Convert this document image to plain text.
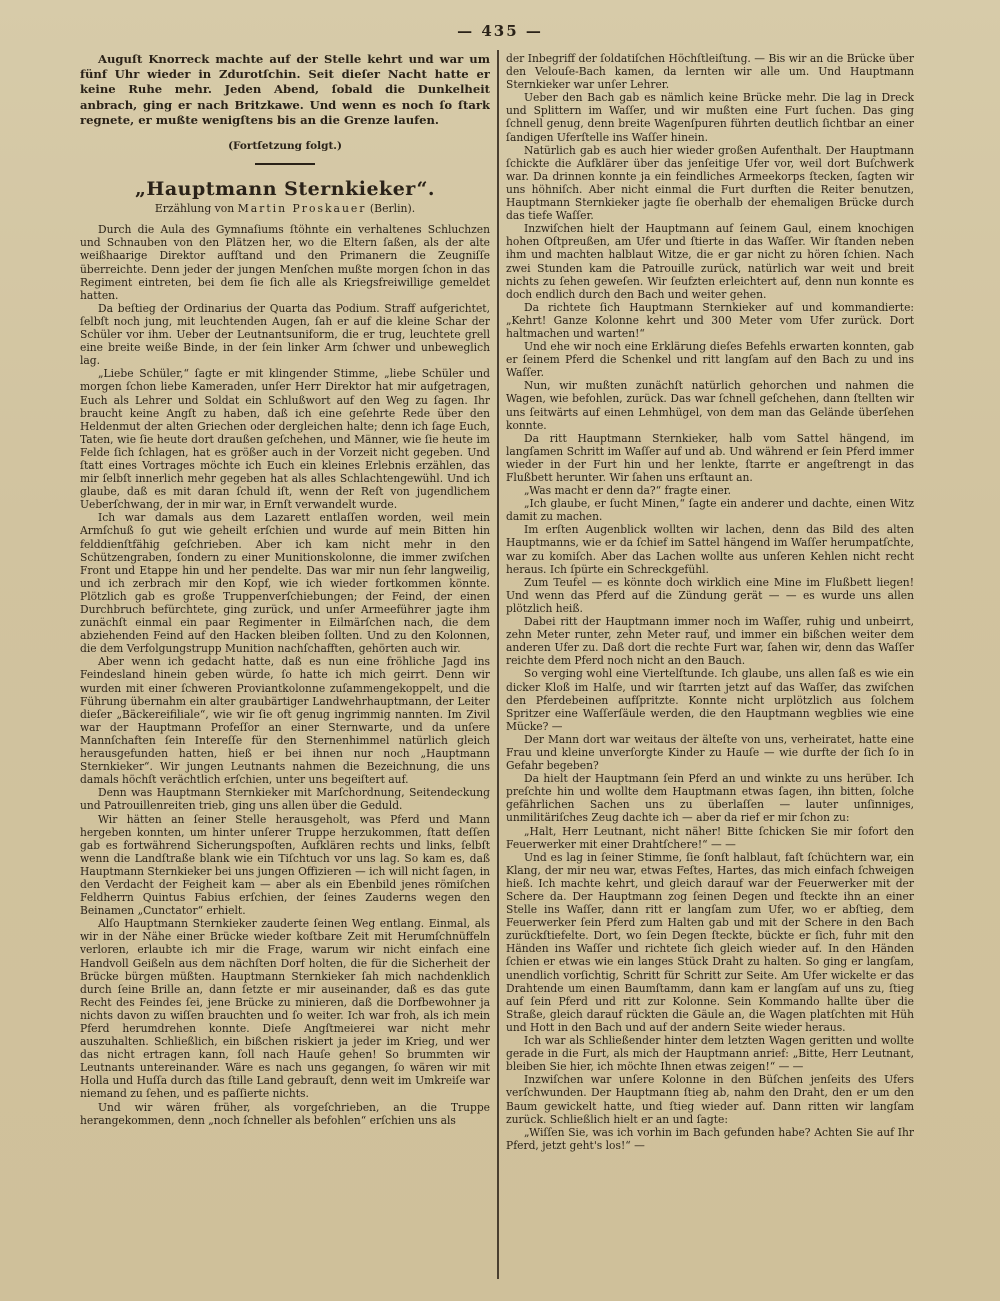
— 435 —

Auguſt Knorreck machte auf der Stelle kehrt und war um fünf Uhr wieder in Zdurotſchin. Seit dieſer Nacht hatte er keine Ruhe mehr. Jeden Abend, ſobald die Dunkelheit anbrach, ging er nach Britzkawe. Und wenn es noch ſo ſtark regnete, er mußte wenigſtens bis an die Grenze laufen.

(Fortſetzung folgt.)
„Hauptmann Sternkieker“.
Erzählung von Martin Proskauer (Berlin).

Durch die Aula des Gymnaſiums ſtöhnte ein verhaltenes Schluchzen und Schnauben von den Plätzen her, wo die Eltern ſaßen, als der alte weißhaarige Direktor aufſtand und den Primanern die Zeugniſſe überreichte. Denn jeder der jungen Menſchen mußte morgen ſchon in das Regiment eintreten, bei dem ſie ſich alle als Kriegsfreiwillige gemeldet hatten.

Da beſtieg der Ordinarius der Quarta das Podium. Straff aufgerichtet, ſelbſt noch jung, mit leuchtenden Augen, ſah er auf die kleine Schar der Schüler vor ihm. Ueber der Leutnantsuniform, die er trug, leuchtete grell eine breite weiße Binde, in der ſein linker Arm ſchwer und unbeweglich lag.

„Liebe Schüler,“ ſagte er mit klingender Stimme, „liebe Schüler und morgen ſchon liebe Kameraden, unſer Herr Direktor hat mir aufgetragen, Euch als Lehrer und Soldat ein Schlußwort auf den Weg zu ſagen. Ihr braucht keine Angſt zu haben, daß ich eine geſehrte Rede über den Heldenmut der alten Griechen oder dergleichen halte; denn ich ſage Euch, Taten, wie ſie heute dort draußen geſchehen, und Männer, wie ſie heute im Felde ſich ſchlagen, hat es größer auch in der Vorzeit nicht gegeben. Und ſtatt eines Vortrages möchte ich Euch ein kleines Erlebnis erzählen, das mir ſelbſt innerlich mehr gegeben hat als alles Schlachtengewühl. Und ich glaube, daß es mit daran ſchuld iſt, wenn der Reſt von jugendlichem Ueberſchwang, der in mir war, in Ernſt verwandelt wurde.

Ich war damals aus dem Lazarett entlaſſen worden, weil mein Armſchuß ſo gut wie geheilt erſchien und wurde auf mein Bitten hin felddienſtfähig geſchrieben. Aber ich kam nicht mehr in den Schützengraben, ſondern zu einer Munitionskolonne, die immer zwiſchen Front und Etappe hin und her pendelte. Das war mir nun ſehr langweilig, und ich zerbrach mir den Kopf, wie ich wieder fortkommen könnte. Plötzlich gab es große Truppenverſchiebungen; der Feind, der einen Durchbruch befürchtete, ging zurück, und unſer Armeeführer jagte ihm zunächſt einmal ein paar Regimenter in Eilmärſchen nach, die dem abziehenden Feind auf den Hacken bleiben ſollten. Und zu den Kolonnen, die dem Verfolgungstrupp Munition nachſchafften, gehörten auch wir.

Aber wenn ich gedacht hatte, daß es nun eine fröhliche Jagd ins Feindesland hinein geben würde, ſo hatte ich mich geirrt. Denn wir wurden mit einer ſchweren Proviantkolonne zuſammengekoppelt, und die Führung übernahm ein alter graubärtiger Landwehrhauptmann, der Leiter dieſer „Bäckereifiliale“, wie wir ſie oft genug ingrimmig nannten. Im Zivil war der Hauptmann Profeſſor an einer Sternwarte, und da unſere Mannſchaften ſein Intereſſe für den Sternenhimmel natürlich gleich herausgefunden hatten, hieß er bei ihnen nur noch „Hauptmann Sternkieker“. Wir jungen Leutnants nahmen die Bezeichnung, die uns damals höchſt verächtlich erſchien, unter uns begeiſtert auf.

Denn was Hauptmann Sternkieker mit Marſchordnung, Seitendeckung und Patrouillenreiten trieb, ging uns allen über die Geduld.

Wir hätten an ſeiner Stelle herausgeholt, was Pferd und Mann hergeben konnten, um hinter unſerer Truppe herzukommen, ſtatt deſſen gab es fortwährend Sicherungspoſten, Aufklären rechts und links, ſelbſt wenn die Landſtraße blank wie ein Tiſchtuch vor uns lag. So kam es, daß Hauptmann Sternkieker bei uns jungen Offizieren — ich will nicht ſagen, in den Verdacht der Feigheit kam — aber als ein Ebenbild jenes römiſchen Feldherrn Quintus Fabius erſchien, der ſeines Zauderns wegen den Beinamen „Cunctator“ erhielt.

Alſo Hauptmann Sternkieker zauderte ſeinen Weg entlang. Einmal, als wir in der Nähe einer Brücke wieder koſtbare Zeit mit Herumſchnüffeln verloren, erlaubte ich mir die Frage, warum wir nicht einfach eine Handvoll Geißeln aus dem nächſten Dorf holten, die für die Sicherheit der Brücke bürgen müßten. Hauptmann Sternkieker ſah mich nachdenklich durch ſeine Brille an, dann ſetzte er mir auseinander, daß es das gute Recht des Feindes ſei, jene Brücke zu minieren, daß die Dorfbewohner ja nichts davon zu wiſſen brauchten und ſo weiter. Ich war froh, als ich mein Pferd herumdrehen konnte. Dieſe Angſtmeierei war nicht mehr auszuhalten. Schließlich, ein bißchen riskiert ja jeder im Krieg, und wer das nicht ertragen kann, ſoll nach Hauſe gehen! So brummten wir Leutnants untereinander. Wäre es nach uns gegangen, ſo wären wir mit Holla und Huſſa durch das ſtille Land gebrauſt, denn weit im Umkreiſe war niemand zu ſehen, und es paſſierte nichts.

Und wir wären früher, als vorgeſchrieben, an die Truppe herangekommen, denn „noch ſchneller als befohlen“ erſchien uns als

der Inbegriff der ſoldatiſchen Höchſtleiſtung. — Bis wir an die Brücke über den Velouſe-Bach kamen, da lernten wir alle um. Und Hauptmann Sternkieker war unſer Lehrer.

Ueber den Bach gab es nämlich keine Brücke mehr. Die lag in Dreck und Splittern im Waſſer, und wir mußten eine Furt ſuchen. Das ging ſchnell genug, denn breite Wagenſpuren führten deutlich ſichtbar an einer ſandigen Uferſtelle ins Waſſer hinein.

Natürlich gab es auch hier wieder großen Aufenthalt. Der Hauptmann ſchickte die Aufklärer über das jenſeitige Ufer vor, weil dort Buſchwerk war. Da drinnen konnte ja ein feindliches Armeekorps ſtecken, ſagten wir uns höhniſch. Aber nicht einmal die Furt durften die Reiter benutzen, Hauptmann Sternkieker jagte ſie oberhalb der ehemaligen Brücke durch das tiefe Waſſer.

Inzwiſchen hielt der Hauptmann auf ſeinem Gaul, einem knochigen hohen Oſtpreußen, am Ufer und ſtierte in das Waſſer. Wir ſtanden neben ihm und machten halblaut Witze, die er gar nicht zu hören ſchien. Nach zwei Stunden kam die Patrouille zurück, natürlich war weit und breit nichts zu ſehen geweſen. Wir ſeufzten erleichtert auf, denn nun konnte es doch endlich durch den Bach und weiter gehen.

Da richtete ſich Hauptmann Sternkieker auf und kommandierte: „Kehrt! Ganze Kolonne kehrt und 300 Meter vom Ufer zurück. Dort haltmachen und warten!“

Und ehe wir noch eine Erklärung dieſes Befehls erwarten konnten, gab er ſeinem Pferd die Schenkel und ritt langſam auf den Bach zu und ins Waſſer.

Nun, wir mußten zunächſt natürlich gehorchen und nahmen die Wagen, wie befohlen, zurück. Das war ſchnell geſchehen, dann ſtellten wir uns ſeitwärts auf einen Lehmhügel, von dem man das Gelände überſehen konnte.

Da ritt Hauptmann Sternkieker, halb vom Sattel hängend, im langſamen Schritt im Waſſer auf und ab. Und während er ſein Pferd immer wieder in der Furt hin und her lenkte, ſtarrte er angeſtrengt in das Flußbett herunter. Wir ſahen uns erſtaunt an.

„Was macht er denn da?“ fragte einer.

„Ich glaube, er ſucht Minen,“ ſagte ein anderer und dachte, einen Witz damit zu machen.

Im erſten Augenblick wollten wir lachen, denn das Bild des alten Hauptmanns, wie er da ſchief im Sattel hängend im Waſſer herumpatſchte, war zu komiſch. Aber das Lachen wollte aus unſeren Kehlen nicht recht heraus. Ich ſpürte ein Schreckgefühl.

Zum Teufel — es könnte doch wirklich eine Mine im Flußbett liegen! Und wenn das Pferd auf die Zündung gerät — — es wurde uns allen plötzlich heiß.

Dabei ritt der Hauptmann immer noch im Waſſer, ruhig und unbeirrt, zehn Meter runter, zehn Meter rauf, und immer ein bißchen weiter dem anderen Ufer zu. Daß dort die rechte Furt war, ſahen wir, denn das Waſſer reichte dem Pferd noch nicht an den Bauch.

So verging wohl eine Viertelſtunde. Ich glaube, uns allen ſaß es wie ein dicker Kloß im Halſe, und wir ſtarrten jetzt auf das Waſſer, das zwiſchen den Pferdebeinen aufſpritzte. Konnte nicht urplötzlich aus ſolchem Spritzer eine Waſſerſäule werden, die den Hauptmann wegblies wie eine Mücke? —

Der Mann dort war weitaus der älteſte von uns, verheiratet, hatte eine Frau und kleine unverſorgte Kinder zu Hauſe — wie durfte der ſich ſo in Gefahr begeben?

Da hielt der Hauptmann ſein Pferd an und winkte zu uns herüber. Ich preſchte hin und wollte dem Hauptmann etwas ſagen, ihn bitten, ſolche gefährlichen Sachen uns zu überlaſſen — lauter unſinniges, unmilitäriſches Zeug dachte ich — aber da rief er mir ſchon zu:

„Halt, Herr Leutnant, nicht näher! Bitte ſchicken Sie mir ſofort den Feuerwerker mit einer Drahtſchere!“ — —

Und es lag in ſeiner Stimme, ſie ſonſt halblaut, faſt ſchüchtern war, ein Klang, der mir neu war, etwas Feſtes, Hartes, das mich einfach ſchweigen hieß. Ich machte kehrt, und gleich darauf war der Feuerwerker mit der Schere da. Der Hauptmann zog ſeinen Degen und ſteckte ihn an einer Stelle ins Waſſer, dann ritt er langſam zum Ufer, wo er abſtieg, dem Feuerwerker ſein Pferd zum Halten gab und mit der Schere in den Bach zurückſtiefelte. Dort, wo ſein Degen ſteckte, bückte er ſich, fuhr mit den Händen ins Waſſer und richtete ſich gleich wieder auf. In den Händen ſchien er etwas wie ein langes Stück Draht zu halten. So ging er langſam, unendlich vorſichtig, Schritt für Schritt zur Seite. Am Ufer wickelte er das Drahtende um einen Baumſtamm, dann kam er langſam auf uns zu, ſtieg auf ſein Pferd und ritt zur Kolonne. Sein Kommando hallte über die Straße, gleich darauf rückten die Gäule an, die Wagen platſchten mit Hüh und Hott in den Bach und auf der andern Seite wieder heraus.

Ich war als Schließender hinter dem letzten Wagen geritten und wollte gerade in die Furt, als mich der Hauptmann anrief: „Bitte, Herr Leutnant, bleiben Sie hier, ich möchte Ihnen etwas zeigen!“ — —

Inzwiſchen war unſere Kolonne in den Büſchen jenſeits des Ufers verſchwunden. Der Hauptmann ſtieg ab, nahm den Draht, den er um den Baum gewickelt hatte, und ſtieg wieder auf. Dann ritten wir langſam zurück. Schließlich hielt er an und ſagte:

„Wiſſen Sie, was ich vorhin im Bach gefunden habe? Achten Sie auf Ihr Pferd, jetzt geht's los!“ —
